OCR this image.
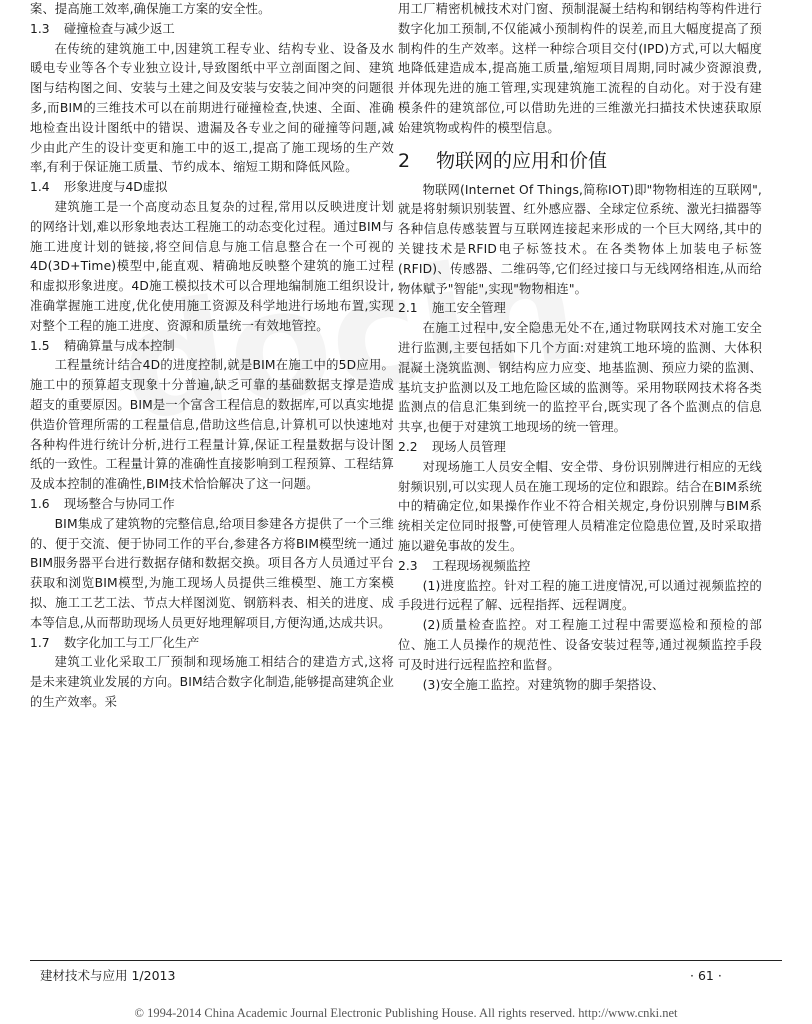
案、提高施工效率,确保施工方案的安全性。

1.3 碰撞检查与减少返工

在传统的建筑施工中,因建筑工程专业、结构专业、设备及水暖电专业等各个专业独立设计,导致图纸中平立剖面图之间、建筑图与结构图之间、安装与土建之间及安装与安装之间冲突的问题很多,而BIM的三维技术可以在前期进行碰撞检查,快速、全面、准确地检查出设计图纸中的错误、遗漏及各专业之间的碰撞等问题,减少由此产生的设计变更和施工中的返工,提高了施工现场的生产效率,有利于保证施工质量、节约成本、缩短工期和降低风险。

1.4 形象进度与4D虚拟

建筑施工是一个高度动态且复杂的过程,常用以反映进度计划的网络计划,难以形象地表达工程施工的动态变化过程。通过BIM与施工进度计划的链接,将空间信息与施工信息整合在一个可视的4D(3D+Time)模型中,能直观、精确地反映整个建筑的施工过程和虚拟形象进度。4D施工模拟技术可以合理地编制施工组织设计,准确掌握施工进度,优化使用施工资源及科学地进行场地布置,实现对整个工程的施工进度、资源和质量统一有效地管控。

1.5 精确算量与成本控制

工程量统计结合4D的进度控制,就是BIM在施工中的5D应用。施工中的预算超支现象十分普遍,缺乏可靠的基础数据支撑是造成超支的重要原因。BIM是一个富含工程信息的数据库,可以真实地提供造价管理所需的工程量信息,借助这些信息,计算机可以快速地对各种构件进行统计分析,进行工程量计算,保证工程量数据与设计图纸的一致性。工程量计算的准确性直接影响到工程预算、工程结算及成本控制的准确性,BIM技术恰恰解决了这一问题。

1.6 现场整合与协同工作

BIM集成了建筑物的完整信息,给项目参建各方提供了一个三维的、便于交流、便于协同工作的平台,参建各方将BIM模型统一通过BIM服务器平台进行数据存储和数据交换。项目各方人员通过平台获取和浏览BIM模型,为施工现场人员提供三维模型、施工方案模拟、施工工艺工法、节点大样图浏览、钢筋料表、相关的进度、成本等信息,从而帮助现场人员更好地理解项目,方便沟通,达成共识。

1.7 数字化加工与工厂化生产

建筑工业化采取工厂预制和现场施工相结合的建造方式,这将是未来建筑业发展的方向。BIM结合数字化制造,能够提高建筑企业的生产效率。采

用工厂精密机械技术对门窗、预制混凝土结构和钢结构等构件进行数字化加工预制,不仅能减小预制构件的误差,而且大幅度提高了预制构件的生产效率。这样一种综合项目交付(IPD)方式,可以大幅度地降低建造成本,提高施工质量,缩短项目周期,同时减少资源浪费,并体现先进的施工管理,实现建筑施工流程的自动化。对于没有建模条件的建筑部位,可以借助先进的三维激光扫描技术快速获取原始建筑物或构件的模型信息。

2 物联网的应用和价值

物联网(Internet Of Things,简称IOT)即"物物相连的互联网",就是将射频识别装置、红外感应器、全球定位系统、激光扫描器等各种信息传感装置与互联网连接起来形成的一个巨大网络,其中的关键技术是RFID电子标签技术。在各类物体上加装电子标签(RFID)、传感器、二维码等,它们经过接口与无线网络相连,从而给物体赋予"智能",实现"物物相连"。

2.1 施工安全管理

在施工过程中,安全隐患无处不在,通过物联网技术对施工安全进行监测,主要包括如下几个方面:对建筑工地环境的监测、大体积混凝土浇筑监测、钢结构应力应变、地基监测、预应力梁的监测、基坑支护监测以及工地危险区域的监测等。采用物联网技术将各类监测点的信息汇集到统一的监控平台,既实现了各个监测点的信息共享,也便于对建筑工地现场的统一管理。

2.2 现场人员管理

对现场施工人员安全帽、安全带、身份识别牌进行相应的无线射频识别,可以实现人员在施工现场的定位和跟踪。结合在BIM系统中的精确定位,如果操作作业不符合相关规定,身份识别牌与BIM系统相关定位同时报警,可使管理人员精准定位隐患位置,及时采取措施以避免事故的发生。

2.3 工程现场视频监控

(1)进度监控。针对工程的施工进度情况,可以通过视频监控的手段进行远程了解、远程指挥、远程调度。

(2)质量检查监控。对工程施工过程中需要巡检和预检的部位、施工人员操作的规范性、设备安装过程等,通过视频监控手段可及时进行远程监控和监督。

(3)安全施工监控。对建筑物的脚手架搭设、

建材技术与应用 1/2013	· 61 ·
© 1994-2014 China Academic Journal Electronic Publishing House. All rights reserved. http://www.cnki.net
